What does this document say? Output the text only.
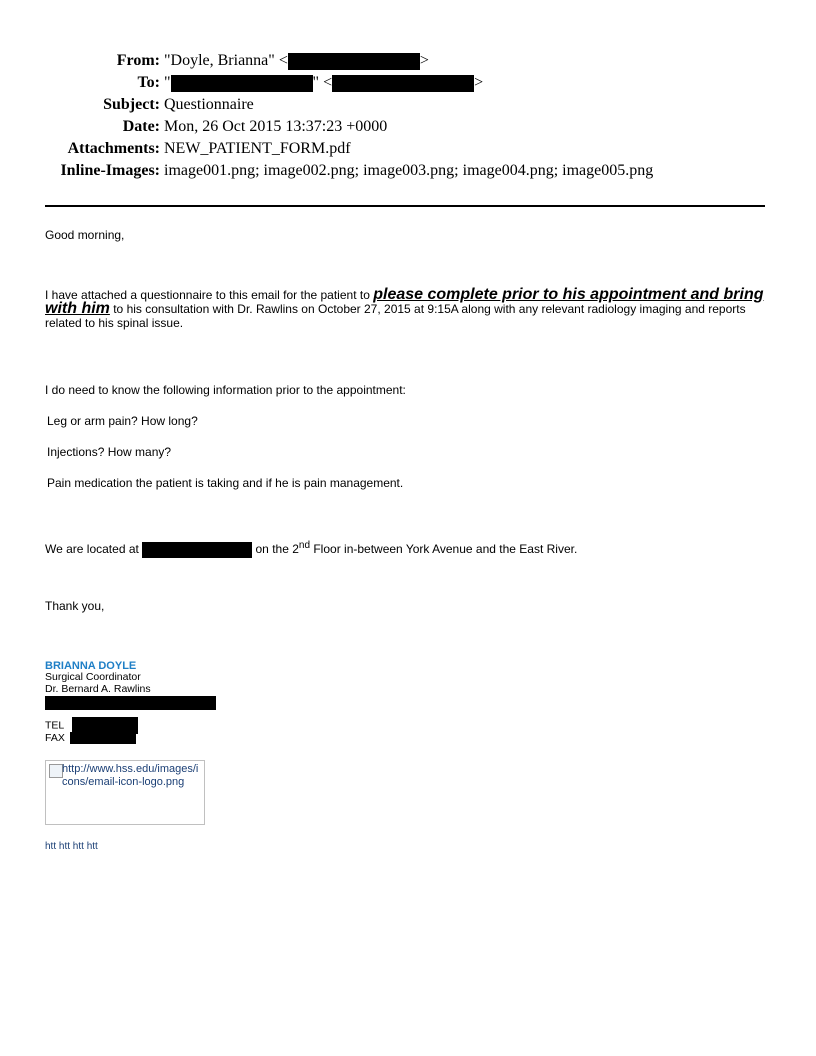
From: "Doyle, Brianna" <	>
To: "	" <	>
Subject: Questionnaire
Date: Mon, 26 Oct 2015 13:37:23 +0000
Attachments: NEW_PATIENT_FORM.pdf
Inline-Images: image001.png; image002.png; image003.png; image004.png; image005.png
Good morning,
I have attached a questionnaire to this email for the patient to please complete prior to his appointment and bring with him to his consultation with Dr. Rawlins on October 27, 2015 at 9:15A along with any relevant radiology imaging and reports related to his spinal issue.
I do need to know the following information prior to the appointment:
Leg or arm pain? How long?
Injections? How many?
Pain medication the patient is taking and if he is pain management.
We are located at	on the 2nd Floor in-between York Avenue and the East River.
Thank you,
BRIANNA DOYLE
Surgical Coordinator
Dr. Bernard A. Rawlins
TEL
FAX
http://www.hss.edu/images/icons/email-icon-logo.png
htt htt htt htt
